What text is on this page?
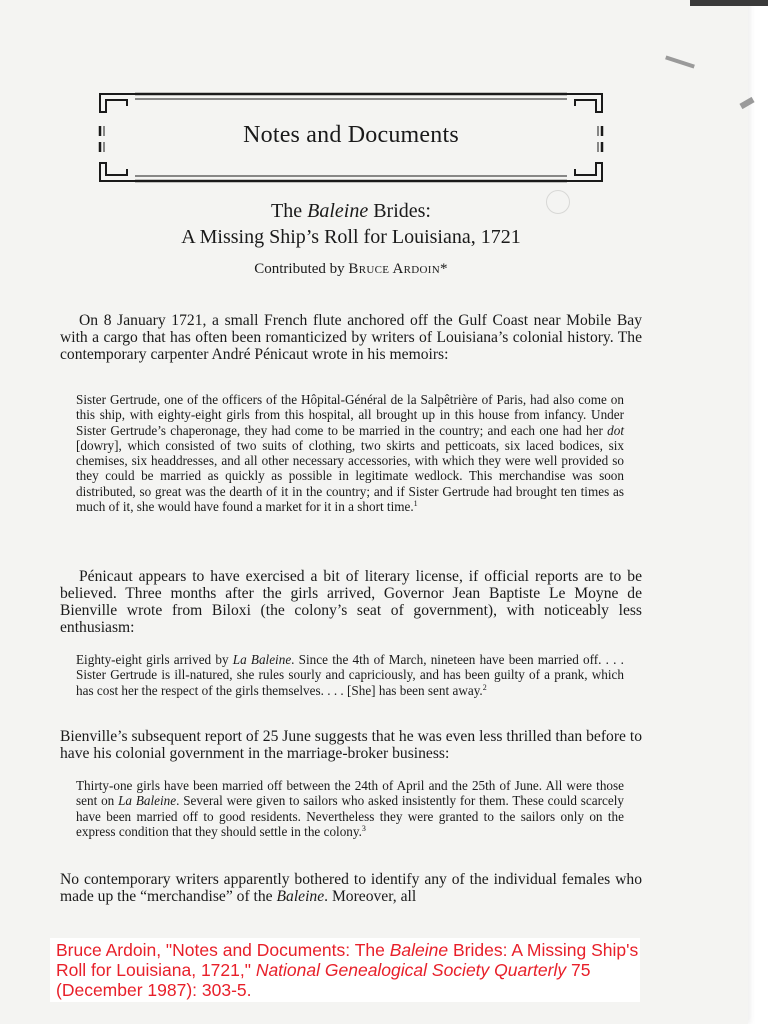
Notes and Documents
The Baleine Brides:
A Missing Ship’s Roll for Louisiana, 1721
Contributed by Bruce Ardoin*
On 8 January 1721, a small French flute anchored off the Gulf Coast near Mobile Bay with a cargo that has often been romanticized by writers of Louisiana’s colonial history. The contemporary carpenter André Pénicaut wrote in his memoirs:
Sister Gertrude, one of the officers of the Hôpital-Général de la Salpêtrière of Paris, had also come on this ship, with eighty-eight girls from this hospital, all brought up in this house from infancy. Under Sister Gertrude’s chaperonage, they had come to be married in the country; and each one had her dot [dowry], which consisted of two suits of clothing, two skirts and petticoats, six laced bodices, six chemises, six headdresses, and all other necessary accessories, with which they were well provided so they could be married as quickly as possible in legitimate wedlock. This merchandise was soon distributed, so great was the dearth of it in the country; and if Sister Gertrude had brought ten times as much of it, she would have found a market for it in a short time.$^1$
Pénicaut appears to have exercised a bit of literary license, if official reports are to be believed. Three months after the girls arrived, Governor Jean Baptiste Le Moyne de Bienville wrote from Biloxi (the colony’s seat of government), with noticeably less enthusiasm:
Eighty-eight girls arrived by La Baleine. Since the 4th of March, nineteen have been married off. . . . Sister Gertrude is ill-natured, she rules sourly and capriciously, and has been guilty of a prank, which has cost her the respect of the girls themselves. . . . [She] has been sent away.$^2$
Bienville’s subsequent report of 25 June suggests that he was even less thrilled than before to have his colonial government in the marriage-broker business:
Thirty-one girls have been married off between the 24th of April and the 25th of June. All were those sent on La Baleine. Several were given to sailors who asked insistently for them. These could scarcely have been married off to good residents. Nevertheless they were granted to the sailors only on the express condition that they should settle in the colony.$^3$
No contemporary writers apparently bothered to identify any of the individual females who made up the “merchandise” of the Baleine. Moreover, all
Bruce Ardoin, "Notes and Documents: The Baleine Brides: A Missing Ship's Roll for Louisiana, 1721," National Genealogical Society Quarterly 75 (December 1987): 303-5.
